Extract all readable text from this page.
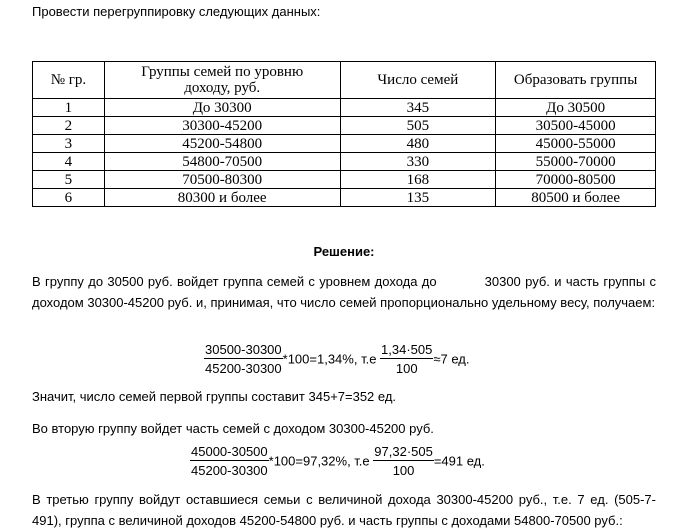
Провести перегруппировку следующих данных:
№ гр.	Группы семей по уровню доходу, руб.	Число семей	Образовать группы
1	До 30300	345	До 30500
2	30300-45200	505	30500-45000
3	45200-54800	480	45000-55000
4	54800-70500	330	55000-70000
5	70500-80300	168	70000-80500
6	80300 и более	135	80500 и более
Решение:
В группу до 30500 руб. войдет группа семей с уровнем дохода до	30300 руб. и часть группы с доходом 30300-45200 руб. и, принимая, что число семей пропорционально удельному весу, получаем:
$\frac{30500-30300}{45200-30300} *100=1,34\%$, $т.е \frac{1,34\cdot 505}{100} \approx 7$ ед.
Значит, число семей первой группы составит 345+7=352 ед.
Во вторую группу войдет часть семей с доходом 30300-45200 руб.
$\frac{45000-30500}{45200-30300} *100=97,32\%$, $т.е \frac{97,32\cdot 505}{100} =491$ ед.
В третью группу войдут оставшиеся семьи с величиной дохода 30300-45200 руб., т.е. 7 ед. (505-7-491), группа с величиной доходов 45200-54800 руб. и часть группы с доходами 54800-70500 руб.:
